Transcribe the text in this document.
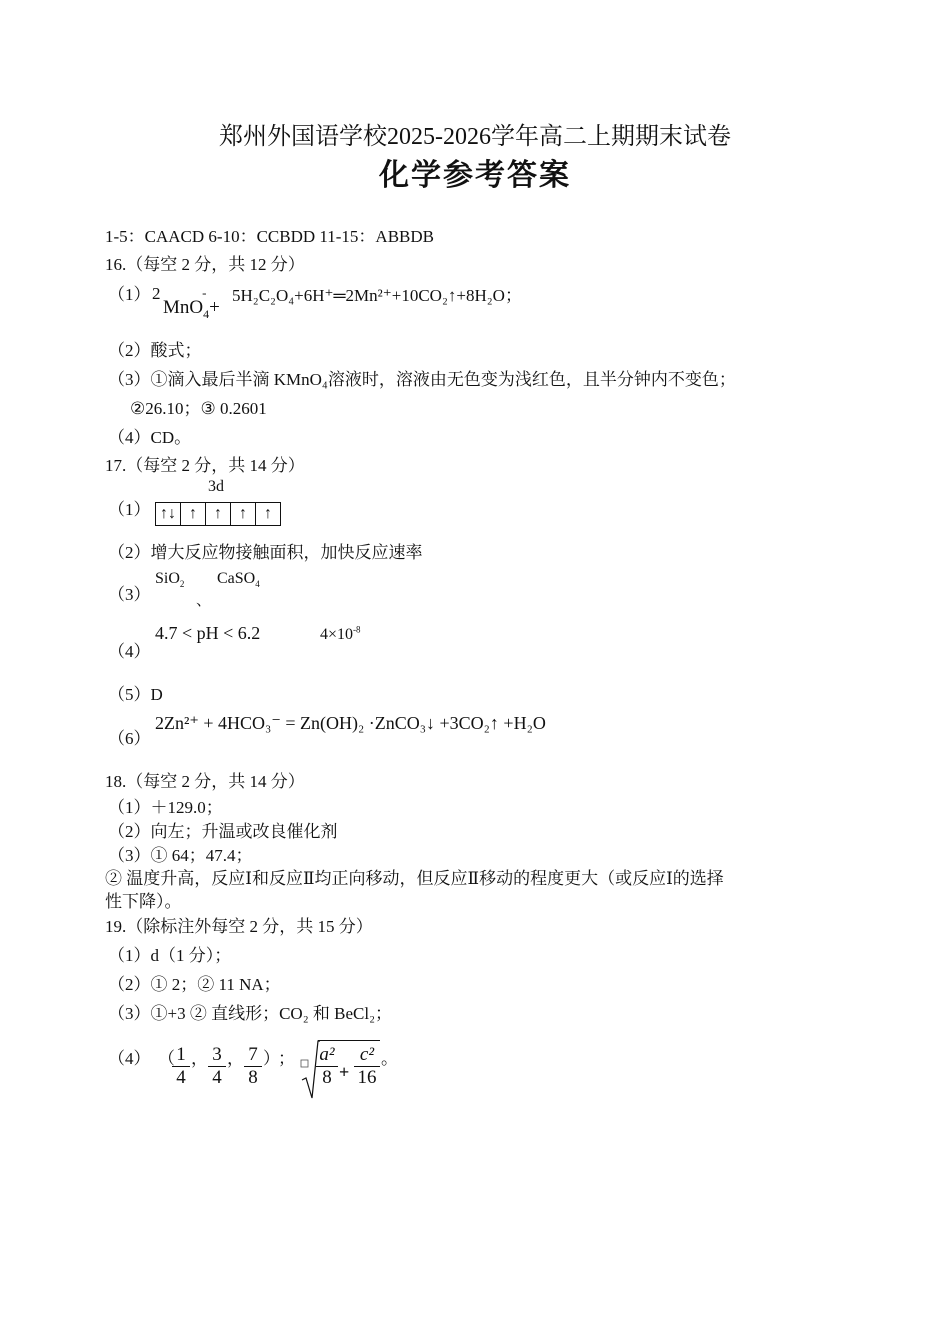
郑州外国语学校2025-2026学年高二上期期末试卷
化学参考答案
1-5：CAACD 6-10：CCBDD 11-15：ABBDB
16.（每空 2 分，共 12 分）
（1） 2
MnO
-
$_4$+
5H₂C₂O₄+6H⁺═2Mn²⁺+10CO₂↑+8H₂O；
（2）酸式；
（3）①滴入最后半滴 KMnO₄溶液时，溶液由无色变为浅红色，且半分钟内不变色；
②26.10；③ 0.2601
（4）CD。
17.（每空 2 分，共 14 分）
3d
（1） ↑↓ ↑	↑	↑	↑
（2）增大反应物接触面积，加快反应速率
（3）
SiO$_2$
、
CaSO$_4$
（4）
4.7 < pH < 6.2	$4\times 10^{-8}$
（5）D
（6）
2Zn²⁺ + 4HCO₃⁻ = Zn(OH)₂ ·ZnCO₃↓ +3CO₂↑ +H₂O
18.（每空 2 分，共 14 分）
（1）＋129.0；
（2）向左；升温或改良催化剂
（3）① 64；47.4；
② 温度升高，反应Ⅰ和反应Ⅱ均正向移动，但反应Ⅱ移动的程度更大（或反应Ⅰ的选择
性下降）。
19.（除标注外每空 2 分，共 15 分）
（1）d（1 分）；
（2）① 2；② 11 NA；
（3）①+3 ② 直线形；CO₂ 和 BeCl₂；
（4） （ 1
4
， 3
4
， 7
8
）
； a²
8 +
c²
16
。
